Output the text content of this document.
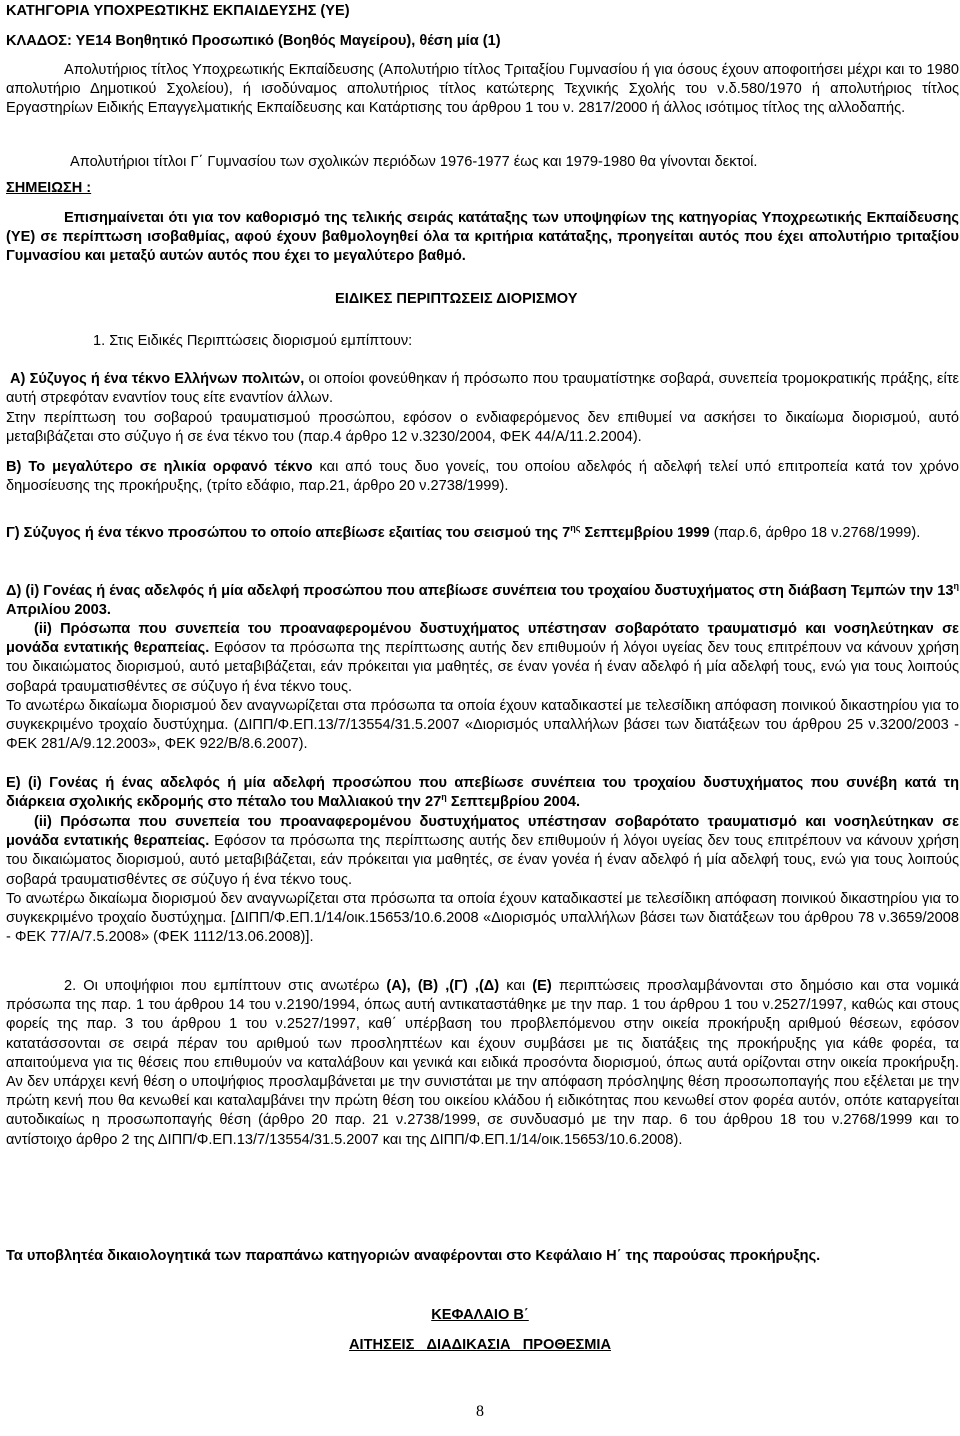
ΚΑΤΗΓΟΡΙΑ ΥΠΟΧΡΕΩΤΙΚΗΣ ΕΚΠΑΙΔΕΥΣΗΣ (ΥΕ)
ΚΛΑΔΟΣ: ΥΕ14 Βοηθητικό Προσωπικό (Βοηθός Μαγείρου), θέση μία (1)

Απολυτήριος τίτλος Υποχρεωτικής Εκπαίδευσης (Απολυτήριο τίτλος Τριταξίου Γυμνασίου ή για όσους έχουν αποφοιτήσει μέχρι και το 1980 απολυτήριο Δημοτικού Σχολείου), ή ισοδύναμος απολυτήριος τίτλος κατώτερης Τεχνικής Σχολής του ν.δ.580/1970 ή απολυτήριος τίτλος Εργαστηρίων Ειδικής Επαγγελματικής Εκπαίδευσης και Κατάρτισης του άρθρου 1 του ν. 2817/2000 ή άλλος ισότιμος τίτλος της αλλοδαπής.

ΣΗΜΕΙΩΣΗ :
Απολυτήριοι τίτλοι Γ΄ Γυμνασίου των σχολικών περιόδων 1976-1977 έως και 1979-1980 θα γίνονται δεκτοί.

Επισημαίνεται ότι για τον καθορισμό της τελικής σειράς κατάταξης των υποψηφίων της κατηγορίας Υποχρεωτικής Εκπαίδευσης (ΥΕ) σε περίπτωση ισοβαθμίας, αφού έχουν βαθμολογηθεί όλα τα κριτήρια κατάταξης, προηγείται αυτός που έχει απολυτήριο τριταξίου Γυμνασίου και μεταξύ αυτών αυτός που έχει το μεγαλύτερο βαθμό.

ΕΙΔΙΚΕΣ ΠΕΡΙΠΤΩΣΕΙΣ ΔΙΟΡΙΣΜΟΥ
1. Στις Ειδικές Περιπτώσεις διορισμού εμπίπτουν:

Α) Σύζυγος ή ένα τέκνο Ελλήνων πολιτών, οι οποίοι φονεύθηκαν ή πρόσωπο που τραυματίστηκε σοβαρά, συνεπεία τρομοκρατικής πράξης, είτε αυτή στρεφόταν εναντίον τους είτε εναντίον άλλων.

Στην περίπτωση του σοβαρού τραυματισμού προσώπου, εφόσον ο ενδιαφερόμενος δεν επιθυμεί να ασκήσει το δικαίωμα διορισμού, αυτό μεταβιβάζεται στο σύζυγο ή σε ένα τέκνο του (παρ.4 άρθρο 12 ν.3230/2004, ΦΕΚ 44/Α/11.2.2004).

Β) Το μεγαλύτερο σε ηλικία ορφανό τέκνο και από τους δυο γονείς, του οποίου αδελφός ή αδελφή τελεί υπό επιτροπεία κατά τον χρόνο δημοσίευσης της προκήρυξης, (τρίτο εδάφιο, παρ.21, άρθρο 20 ν.2738/1999).

Γ) Σύζυγος ή ένα τέκνο προσώπου το οποίο απεβίωσε εξαιτίας του σεισμού της $7^{\eta\varsigma}$ Σεπτεμβρίου 1999 (παρ.6, άρθρο 18 ν.2768/1999).

Δ) (i) Γονέας ή ένας αδελφός ή μία αδελφή προσώπου που απεβίωσε συνέπεια του τροχαίου δυστυχήματος στη διάβαση Τεμπών την $13^\eta$ Απριλίου 2003.

(ii) Πρόσωπα που συνεπεία του προαναφερομένου δυστυχήματος υπέστησαν σοβαρότατο τραυματισμό και νοσηλεύτηκαν σε μονάδα εντατικής θεραπείας. Εφόσον τα πρόσωπα της περίπτωσης αυτής δεν επιθυμούν ή λόγοι υγείας δεν τους επιτρέπουν να κάνουν χρήση του δικαιώματος διορισμού, αυτό μεταβιβάζεται, εάν πρόκειται για μαθητές, σε έναν γονέα ή έναν αδελφό ή μία αδελφή τους, ενώ για τους λοιπούς σοβαρά τραυματισθέντες σε σύζυγο ή ένα τέκνο τους.

Το ανωτέρω δικαίωμα διορισμού δεν αναγνωρίζεται στα πρόσωπα τα οποία έχουν καταδικαστεί με τελεσίδικη απόφαση ποινικού δικαστηρίου για το συγκεκριμένο τροχαίο δυστύχημα. (ΔΙΠΠ/Φ.ΕΠ.13/7/13554/31.5.2007 «Διορισμός υπαλλήλων βάσει των διατάξεων του άρθρου 25 ν.3200/2003 - ΦΕΚ 281/Α/9.12.2003», ΦΕΚ 922/Β/8.6.2007).

Ε) (i) Γονέας ή ένας αδελφός ή μία αδελφή προσώπου που απεβίωσε συνέπεια του τροχαίου δυστυχήματος που συνέβη κατά τη διάρκεια σχολικής εκδρομής στο πέταλο του Μαλλιακού την $27^\eta$ Σεπτεμβρίου 2004.

(ii) Πρόσωπα που συνεπεία του προαναφερομένου δυστυχήματος υπέστησαν σοβαρότατο τραυματισμό και νοσηλεύτηκαν σε μονάδα εντατικής θεραπείας. Εφόσον τα πρόσωπα της περίπτωσης αυτής δεν επιθυμούν ή λόγοι υγείας δεν τους επιτρέπουν να κάνουν χρήση του δικαιώματος διορισμού, αυτό μεταβιβάζεται, εάν πρόκειται για μαθητές, σε έναν γονέα ή έναν αδελφό ή μία αδελφή τους, ενώ για τους λοιπούς σοβαρά τραυματισθέντες σε σύζυγο ή ένα τέκνο τους.

Το ανωτέρω δικαίωμα διορισμού δεν αναγνωρίζεται στα πρόσωπα τα οποία έχουν καταδικαστεί με τελεσίδικη απόφαση ποινικού δικαστηρίου για το συγκεκριμένο τροχαίο δυστύχημα. [ΔΙΠΠ/Φ.ΕΠ.1/14/οικ.15653/10.6.2008 «Διορισμός υπαλλήλων βάσει των διατάξεων του άρθρου 78 ν.3659/2008 - ΦΕΚ 77/Α/7.5.2008» (ΦΕΚ 1112/13.06.2008)].

2. Οι υποψήφιοι που εμπίπτουν στις ανωτέρω (Α), (Β) ,(Γ) ,(Δ) και (Ε) περιπτώσεις προσλαμβάνονται στο δημόσιο και στα νομικά πρόσωπα της παρ. 1 του άρθρου 14 του ν.2190/1994, όπως αυτή αντικαταστάθηκε με την παρ. 1 του άρθρου 1 του ν.2527/1997, καθώς και στους φορείς της παρ. 3 του άρθρου 1 του ν.2527/1997, καθ΄ υπέρβαση του προβλεπόμενου στην οικεία προκήρυξη αριθμού θέσεων, εφόσον κατατάσσονται σε σειρά πέραν του αριθμού των προσληπτέων και έχουν συμβάσει με τις διατάξεις της προκήρυξης για κάθε φορέα, τα απαιτούμενα για τις θέσεις που επιθυμούν να καταλάβουν και γενικά και ειδικά προσόντα διορισμού, όπως αυτά ορίζονται στην οικεία προκήρυξη. Αν δεν υπάρχει κενή θέση ο υποψήφιος προσλαμβάνεται με την συνιστάται με την απόφαση πρόσληψης θέση προσωποπαγής που εξέλεται με την πρώτη κενή που θα κενωθεί και καταλαμβάνει την πρώτη θέση του οικείου κλάδου ή ειδικότητας που κενωθεί στον φορέα αυτόν, οπότε καταργείται αυτοδικαίως η προσωποπαγής θέση (άρθρο 20 παρ. 21 ν.2738/1999, σε συνδυασμό με την παρ. 6 του άρθρου 18 του ν.2768/1999 και το αντίστοιχο άρθρο 2 της ΔΙΠΠ/Φ.ΕΠ.13/7/13554/31.5.2007 και της ΔΙΠΠ/Φ.ΕΠ.1/14/οικ.15653/10.6.2008).

Τα υποβλητέα δικαιολογητικά των παραπάνω κατηγοριών αναφέρονται στο Κεφάλαιο Η΄ της παρούσας προκήρυξης.

ΚΕΦΑΛΑΙΟ Β΄
ΑΙΤΗΣΕΙΣ _ΔΙΑΔΙΚΑΣΙΑ_ ΠΡΟΘΕΣΜΙΑ
8
